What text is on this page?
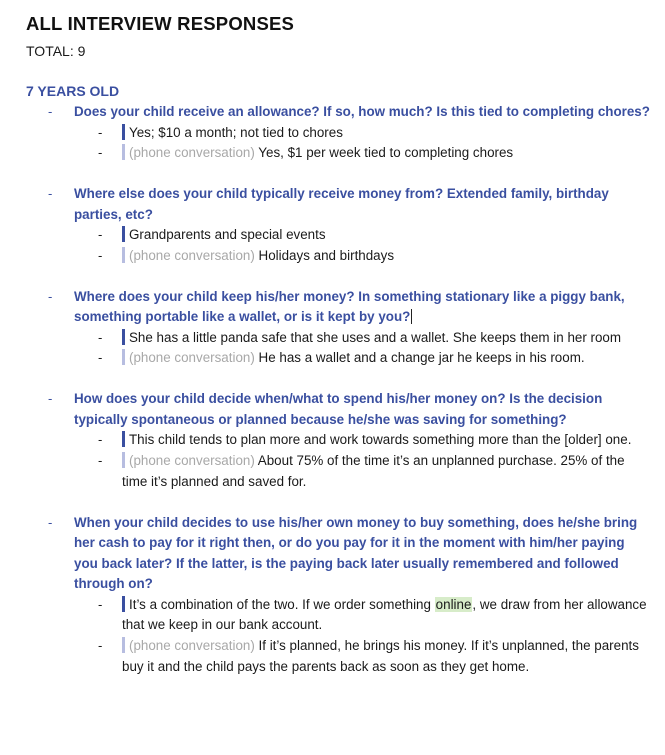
ALL INTERVIEW RESPONSES
TOTAL: 9
7 YEARS OLD
- Does your child receive an allowance? If so, how much? Is this tied to completing chores?
- Yes; $10 a month; not tied to chores
- (phone conversation) Yes, $1 per week tied to completing chores
- Where else does your child typically receive money from? Extended family, birthday parties, etc?
- Grandparents and special events
- (phone conversation) Holidays and birthdays
- Where does your child keep his/her money? In something stationary like a piggy bank, something portable like a wallet, or is it kept by you?
- She has a little panda safe that she uses and a wallet. She keeps them in her room
- (phone conversation) He has a wallet and a change jar he keeps in his room.
- How does your child decide when/what to spend his/her money on? Is the decision typically spontaneous or planned because he/she was saving for something?
- This child tends to plan more and work towards something more than the [older] one.
- (phone conversation) About 75% of the time it’s an unplanned purchase. 25% of the time it’s planned and saved for.
- When your child decides to use his/her own money to buy something, does he/she bring her cash to pay for it right then, or do you pay for it in the moment with him/her paying you back later? If the latter, is the paying back later usually remembered and followed through on?
- It’s a combination of the two. If we order something online, we draw from her allowance that we keep in our bank account.
- (phone conversation) If it’s planned, he brings his money. If it’s unplanned, the parents buy it and the child pays the parents back as soon as they get home.
